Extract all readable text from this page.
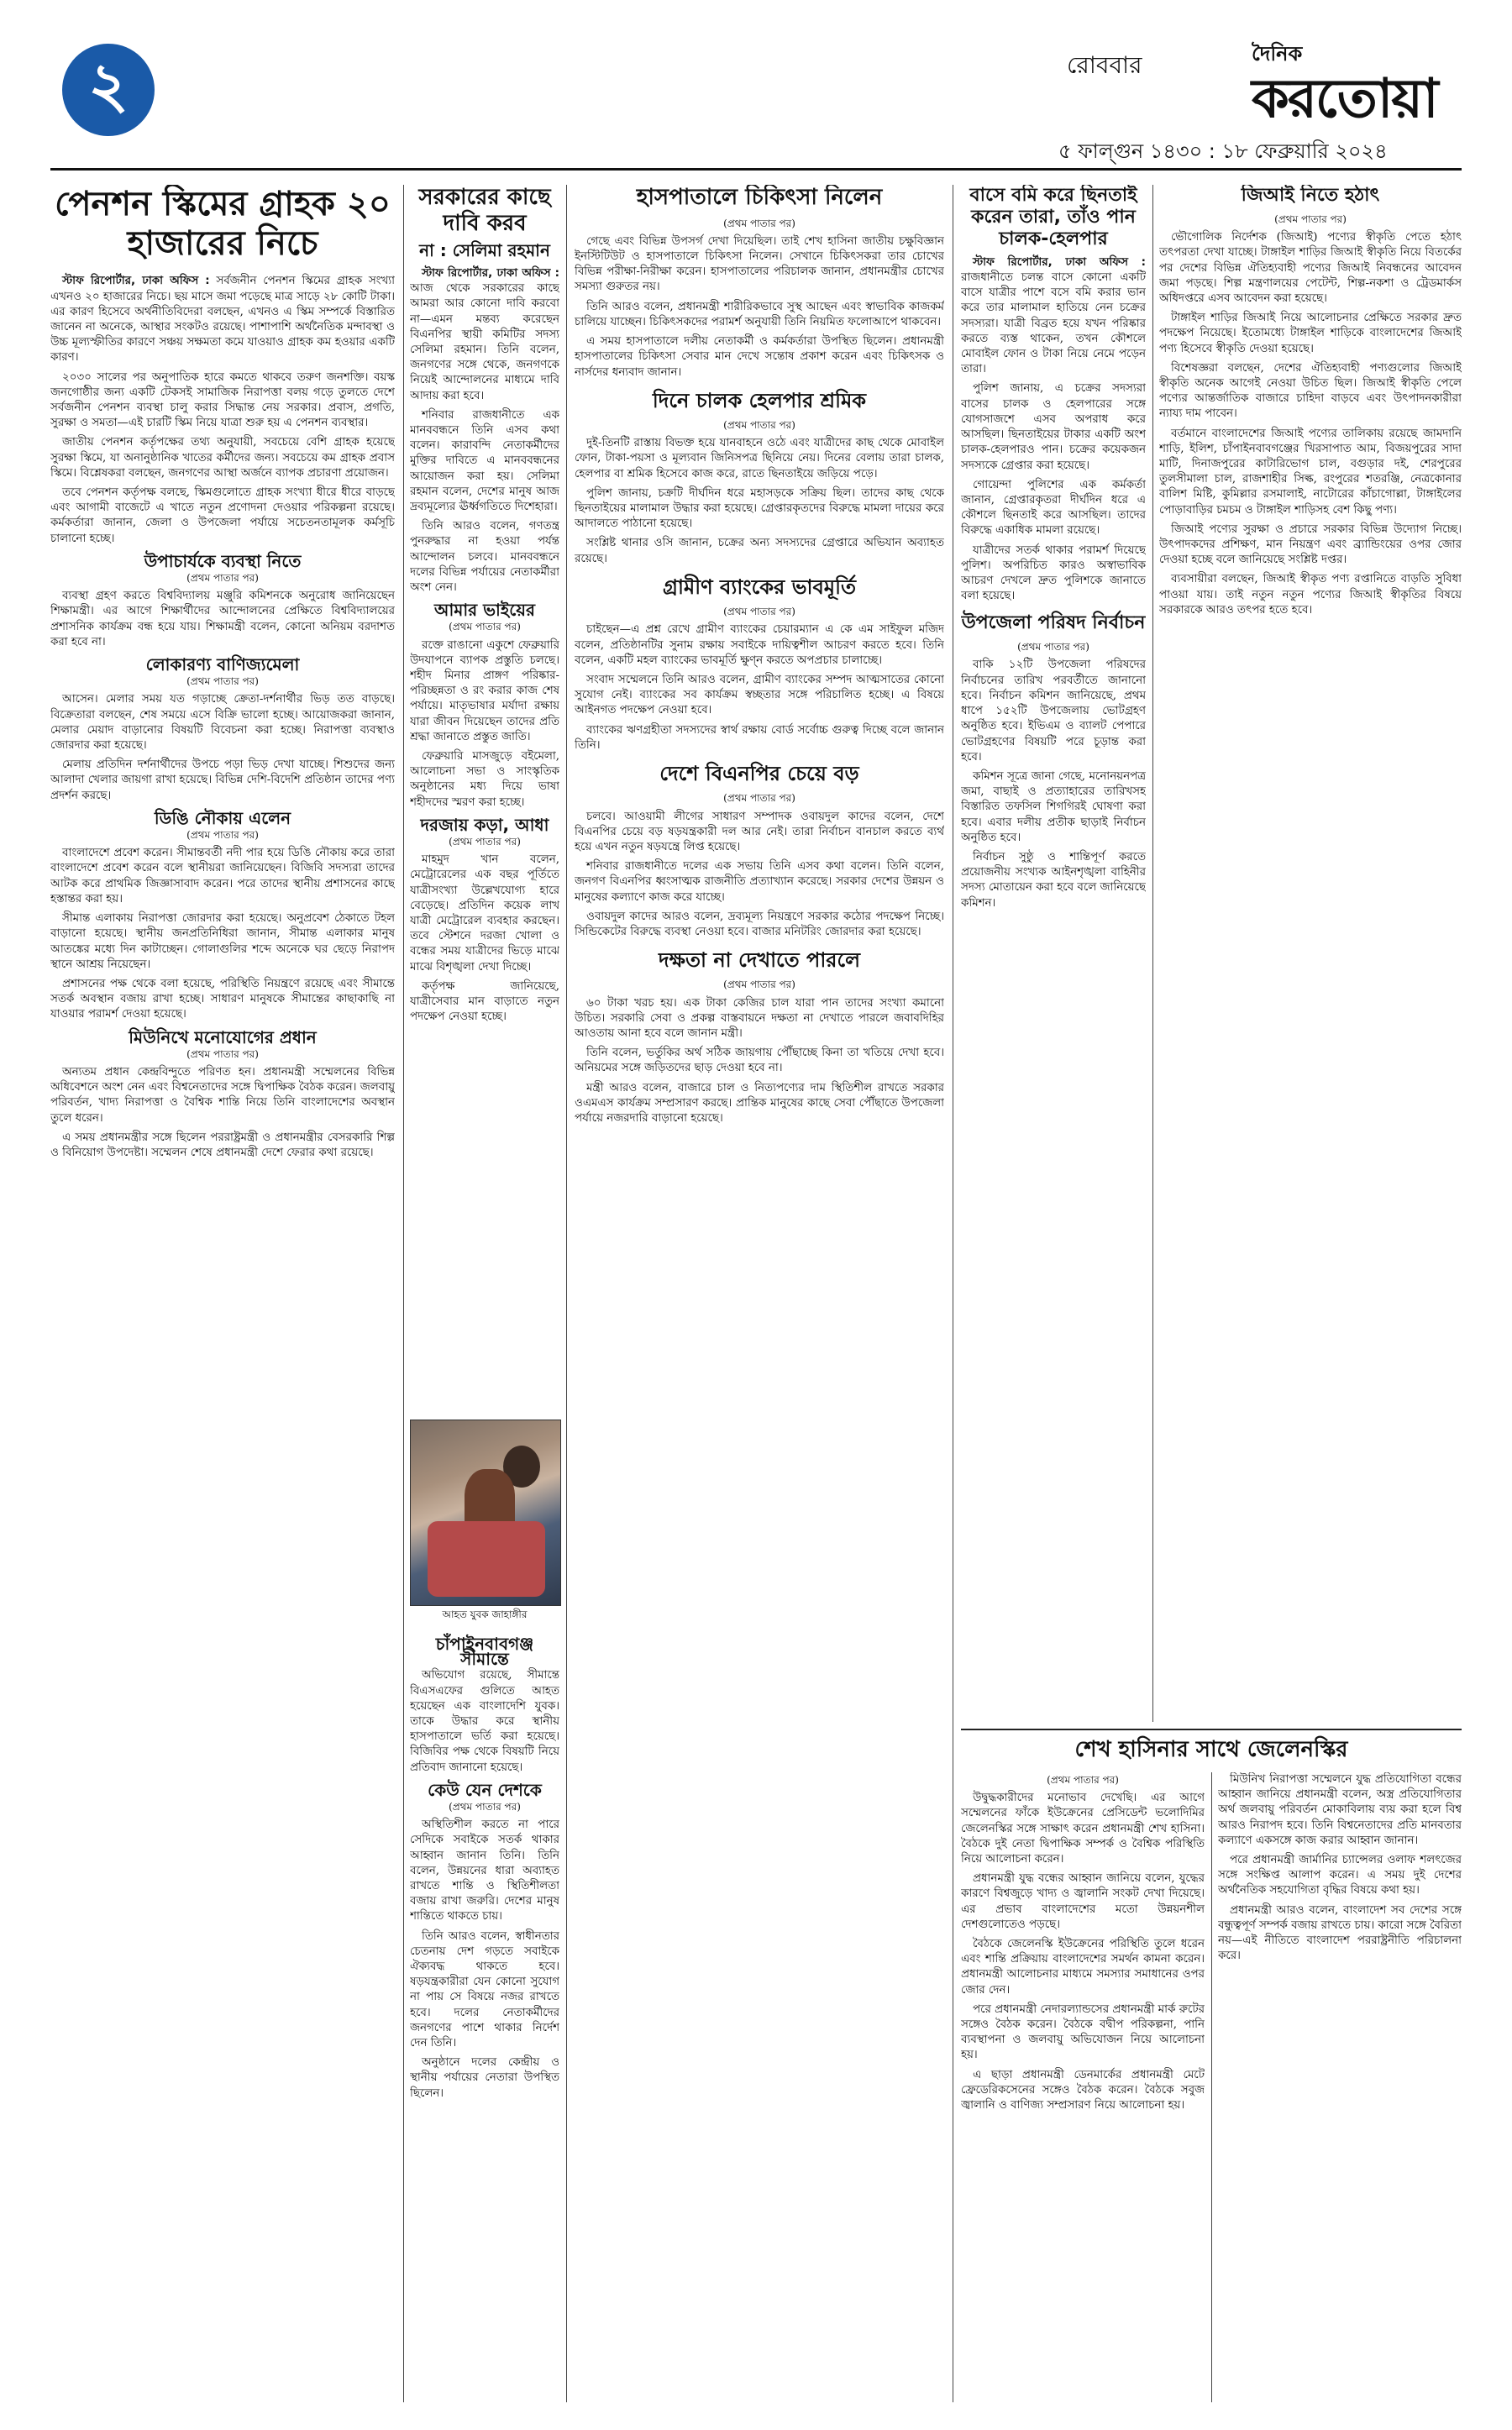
২	রোববার	দৈনিক
করতোয়া
৫ ফাল্গুন ১৪৩০ : ১৮ ফেব্রুয়ারি ২০২৪
পেনশন স্কিমের গ্রাহক ২০ হাজারের নিচে

স্টাফ রিপোর্টার, ঢাকা অফিস : সর্বজনীন পেনশন স্কিমের গ্রাহক সংখ্যা এখনও ২০ হাজারের নিচে। ছয় মাসে জমা পড়েছে মাত্র সাড়ে ২৮ কোটি টাকা। এর কারণ হিসেবে অর্থনীতিবিদেরা বলছেন, এখনও এ স্কিম সম্পর্কে বিস্তারিত জানেন না অনেকে, আস্থার সংকটও রয়েছে। পাশাপাশি অর্থনৈতিক মন্দাবস্থা ও উচ্চ মূল্যস্ফীতির কারণে সঞ্চয় সক্ষমতা কমে যাওয়াও গ্রাহক কম হওয়ার একটি কারণ।

২০৩০ সালের পর অনুপাতিক হারে কমতে থাকবে তরুণ জনশক্তি। বয়স্ক জনগোষ্ঠীর জন্য একটি টেকসই সামাজিক নিরাপত্তা বলয় গড়ে তুলতে দেশে সর্বজনীন পেনশন ব্যবস্থা চালু করার সিদ্ধান্ত নেয় সরকার। প্রবাস, প্রগতি, সুরক্ষা ও সমতা—এই চারটি স্কিম নিয়ে যাত্রা শুরু হয় এ পেনশন ব্যবস্থার।

জাতীয় পেনশন কর্তৃপক্ষের তথ্য অনুযায়ী, সবচেয়ে বেশি গ্রাহক হয়েছে সুরক্ষা স্কিমে, যা অনানুষ্ঠানিক খাতের কর্মীদের জন্য। সবচেয়ে কম গ্রাহক প্রবাস স্কিমে। বিশ্লেষকরা বলছেন, জনগণের আস্থা অর্জনে ব্যাপক প্রচারণা প্রয়োজন।

তবে পেনশন কর্তৃপক্ষ বলছে, স্কিমগুলোতে গ্রাহক সংখ্যা ধীরে ধীরে বাড়ছে এবং আগামী বাজেটে এ খাতে নতুন প্রণোদনা দেওয়ার পরিকল্পনা রয়েছে। কর্মকর্তারা জানান, জেলা ও উপজেলা পর্যায়ে সচেতনতামূলক কর্মসূচি চালানো হচ্ছে।

উপাচার্যকে ব্যবস্থা নিতে
(প্রথম পাতার পর)

ব্যবস্থা গ্রহণ করতে বিশ্ববিদ্যালয় মঞ্জুরি কমিশনকে অনুরোধ জানিয়েছেন শিক্ষামন্ত্রী। এর আগে শিক্ষার্থীদের আন্দোলনের প্রেক্ষিতে বিশ্ববিদ্যালয়ের প্রশাসনিক কার্যক্রম বন্ধ হয়ে যায়। শিক্ষামন্ত্রী বলেন, কোনো অনিয়ম বরদাশত করা হবে না।

লোকারণ্য বাণিজ্যমেলা
(প্রথম পাতার পর)

আসেন। মেলার সময় যত গড়াচ্ছে ক্রেতা-দর্শনার্থীর ভিড় তত বাড়ছে। বিক্রেতারা বলছেন, শেষ সময়ে এসে বিক্রি ভালো হচ্ছে। আয়োজকরা জানান, মেলার মেয়াদ বাড়ানোর বিষয়টি বিবেচনা করা হচ্ছে। নিরাপত্তা ব্যবস্থাও জোরদার করা হয়েছে।

মেলায় প্রতিদিন দর্শনার্থীদের উপচে পড়া ভিড় দেখা যাচ্ছে। শিশুদের জন্য আলাদা খেলার জায়গা রাখা হয়েছে। বিভিন্ন দেশি-বিদেশি প্রতিষ্ঠান তাদের পণ্য প্রদর্শন করছে।

ডিঙি নৌকায় এলেন
(প্রথম পাতার পর)

বাংলাদেশে প্রবেশ করেন। সীমান্তবর্তী নদী পার হয়ে ডিঙি নৌকায় করে তারা বাংলাদেশে প্রবেশ করেন বলে স্থানীয়রা জানিয়েছেন। বিজিবি সদস্যরা তাদের আটক করে প্রাথমিক জিজ্ঞাসাবাদ করেন। পরে তাদের স্থানীয় প্রশাসনের কাছে হস্তান্তর করা হয়।

সীমান্ত এলাকায় নিরাপত্তা জোরদার করা হয়েছে। অনুপ্রবেশ ঠেকাতে টহল বাড়ানো হয়েছে। স্থানীয় জনপ্রতিনিধিরা জানান, সীমান্ত এলাকার মানুষ আতঙ্কের মধ্যে দিন কাটাচ্ছেন। গোলাগুলির শব্দে অনেকে ঘর ছেড়ে নিরাপদ স্থানে আশ্রয় নিয়েছেন।

প্রশাসনের পক্ষ থেকে বলা হয়েছে, পরিস্থিতি নিয়ন্ত্রণে রয়েছে এবং সীমান্তে সতর্ক অবস্থান বজায় রাখা হচ্ছে। সাধারণ মানুষকে সীমান্তের কাছাকাছি না যাওয়ার পরামর্শ দেওয়া হয়েছে।

মিউনিখে মনোযোগের প্রধান
(প্রথম পাতার পর)

অন্যতম প্রধান কেন্দ্রবিন্দুতে পরিণত হন। প্রধানমন্ত্রী সম্মেলনের বিভিন্ন অধিবেশনে অংশ নেন এবং বিশ্বনেতাদের সঙ্গে দ্বিপাক্ষিক বৈঠক করেন। জলবায়ু পরিবর্তন, খাদ্য নিরাপত্তা ও বৈশ্বিক শান্তি নিয়ে তিনি বাংলাদেশের অবস্থান তুলে ধরেন।

এ সময় প্রধানমন্ত্রীর সঙ্গে ছিলেন পররাষ্ট্রমন্ত্রী ও প্রধানমন্ত্রীর বেসরকারি শিল্প ও বিনিয়োগ উপদেষ্টা। সম্মেলন শেষে প্রধানমন্ত্রী দেশে ফেরার কথা রয়েছে।

সরকারের কাছে দাবি করব
না : সেলিমা রহমান

স্টাফ রিপোর্টার, ঢাকা অফিস : আজ থেকে সরকারের কাছে আমরা আর কোনো দাবি করবো না—এমন মন্তব্য করেছেন বিএনপির স্থায়ী কমিটির সদস্য সেলিমা রহমান। তিনি বলেন, জনগণের সঙ্গে থেকে, জনগণকে নিয়েই আন্দোলনের মাধ্যমে দাবি আদায় করা হবে।

শনিবার রাজধানীতে এক মানববন্ধনে তিনি এসব কথা বলেন। কারাবন্দি নেতাকর্মীদের মুক্তির দাবিতে এ মানববন্ধনের আয়োজন করা হয়। সেলিমা রহমান বলেন, দেশের মানুষ আজ দ্রব্যমূল্যের ঊর্ধ্বগতিতে দিশেহারা।

তিনি আরও বলেন, গণতন্ত্র পুনরুদ্ধার না হওয়া পর্যন্ত আন্দোলন চলবে। মানববন্ধনে দলের বিভিন্ন পর্যায়ের নেতাকর্মীরা অংশ নেন।

আমার ভাইয়ের
(প্রথম পাতার পর)

রক্তে রাঙানো একুশে ফেব্রুয়ারি উদযাপনে ব্যাপক প্রস্তুতি চলছে। শহীদ মিনার প্রাঙ্গণ পরিষ্কার-পরিচ্ছন্নতা ও রং করার কাজ শেষ পর্যায়ে। মাতৃভাষার মর্যাদা রক্ষায় যারা জীবন দিয়েছেন তাদের প্রতি শ্রদ্ধা জানাতে প্রস্তুত জাতি।

ফেব্রুয়ারি মাসজুড়ে বইমেলা, আলোচনা সভা ও সাংস্কৃতিক অনুষ্ঠানের মধ্য দিয়ে ভাষা শহীদদের স্মরণ করা হচ্ছে।

দরজায় কড়া, আধা
(প্রথম পাতার পর)

মাহমুদ খান বলেন, মেট্রোরেলের এক বছর পূর্তিতে যাত্রীসংখ্যা উল্লেখযোগ্য হারে বেড়েছে। প্রতিদিন কয়েক লাখ যাত্রী মেট্রোরেল ব্যবহার করছেন। তবে স্টেশনে দরজা খোলা ও বন্ধের সময় যাত্রীদের ভিড়ে মাঝে মাঝে বিশৃঙ্খলা দেখা দিচ্ছে।

কর্তৃপক্ষ জানিয়েছে, যাত্রীসেবার মান বাড়াতে নতুন পদক্ষেপ নেওয়া হচ্ছে।

আহত যুবক জাহাঙ্গীর
চাঁপাইনবাবগঞ্জ সীমান্তে

অভিযোগ রয়েছে, সীমান্তে বিএসএফের গুলিতে আহত হয়েছেন এক বাংলাদেশি যুবক। তাকে উদ্ধার করে স্থানীয় হাসপাতালে ভর্তি করা হয়েছে। বিজিবির পক্ষ থেকে বিষয়টি নিয়ে প্রতিবাদ জানানো হয়েছে।

কেউ যেন দেশকে
(প্রথম পাতার পর)

অস্থিতিশীল করতে না পারে সেদিকে সবাইকে সতর্ক থাকার আহ্বান জানান তিনি। তিনি বলেন, উন্নয়নের ধারা অব্যাহত রাখতে শান্তি ও স্থিতিশীলতা বজায় রাখা জরুরি। দেশের মানুষ শান্তিতে থাকতে চায়।

তিনি আরও বলেন, স্বাধীনতার চেতনায় দেশ গড়তে সবাইকে ঐক্যবদ্ধ থাকতে হবে। ষড়যন্ত্রকারীরা যেন কোনো সুযোগ না পায় সে বিষয়ে নজর রাখতে হবে। দলের নেতাকর্মীদের জনগণের পাশে থাকার নির্দেশ দেন তিনি।

অনুষ্ঠানে দলের কেন্দ্রীয় ও স্থানীয় পর্যায়ের নেতারা উপস্থিত ছিলেন।

হাসপাতালে চিকিৎসা নিলেন
(প্রথম পাতার পর)

গেছে এবং বিভিন্ন উপসর্গ দেখা দিয়েছিল। তাই শেখ হাসিনা জাতীয় চক্ষুবিজ্ঞান ইনস্টিটিউট ও হাসপাতালে চিকিৎসা নিলেন। সেখানে চিকিৎসকরা তার চোখের বিভিন্ন পরীক্ষা-নিরীক্ষা করেন। হাসপাতালের পরিচালক জানান, প্রধানমন্ত্রীর চোখের সমস্যা গুরুতর নয়।

তিনি আরও বলেন, প্রধানমন্ত্রী শারীরিকভাবে সুস্থ আছেন এবং স্বাভাবিক কাজকর্ম চালিয়ে যাচ্ছেন। চিকিৎসকদের পরামর্শ অনুযায়ী তিনি নিয়মিত ফলোআপে থাকবেন।

এ সময় হাসপাতালে দলীয় নেতাকর্মী ও কর্মকর্তারা উপস্থিত ছিলেন। প্রধানমন্ত্রী হাসপাতালের চিকিৎসা সেবার মান দেখে সন্তোষ প্রকাশ করেন এবং চিকিৎসক ও নার্সদের ধন্যবাদ জানান।

দিনে চালক হেলপার শ্রমিক
(প্রথম পাতার পর)

দুই-তিনটি রাস্তায় বিভক্ত হয়ে যানবাহনে ওঠে এবং যাত্রীদের কাছ থেকে মোবাইল ফোন, টাকা-পয়সা ও মূল্যবান জিনিসপত্র ছিনিয়ে নেয়। দিনের বেলায় তারা চালক, হেলপার বা শ্রমিক হিসেবে কাজ করে, রাতে ছিনতাইয়ে জড়িয়ে পড়ে।

পুলিশ জানায়, চক্রটি দীর্ঘদিন ধরে মহাসড়কে সক্রিয় ছিল। তাদের কাছ থেকে ছিনতাইয়ের মালামাল উদ্ধার করা হয়েছে। গ্রেপ্তারকৃতদের বিরুদ্ধে মামলা দায়ের করে আদালতে পাঠানো হয়েছে।

সংশ্লিষ্ট থানার ওসি জানান, চক্রের অন্য সদস্যদের গ্রেপ্তারে অভিযান অব্যাহত রয়েছে।

গ্রামীণ ব্যাংকের ভাবমূর্তি
(প্রথম পাতার পর)

চাইছেন—এ প্রশ্ন রেখে গ্রামীণ ব্যাংকের চেয়ারম্যান এ কে এম সাইফুল মজিদ বলেন, প্রতিষ্ঠানটির সুনাম রক্ষায় সবাইকে দায়িত্বশীল আচরণ করতে হবে। তিনি বলেন, একটি মহল ব্যাংকের ভাবমূর্তি ক্ষুণ্ন করতে অপপ্রচার চালাচ্ছে।

সংবাদ সম্মেলনে তিনি আরও বলেন, গ্রামীণ ব্যাংকের সম্পদ আত্মসাতের কোনো সুযোগ নেই। ব্যাংকের সব কার্যক্রম স্বচ্ছতার সঙ্গে পরিচালিত হচ্ছে। এ বিষয়ে আইনগত পদক্ষেপ নেওয়া হবে।

ব্যাংকের ঋণগ্রহীতা সদস্যদের স্বার্থ রক্ষায় বোর্ড সর্বোচ্চ গুরুত্ব দিচ্ছে বলে জানান তিনি।

দেশে বিএনপির চেয়ে বড়
(প্রথম পাতার পর)

চলবে। আওয়ামী লীগের সাধারণ সম্পাদক ওবায়দুল কাদের বলেন, দেশে বিএনপির চেয়ে বড় ষড়যন্ত্রকারী দল আর নেই। তারা নির্বাচন বানচাল করতে ব্যর্থ হয়ে এখন নতুন ষড়যন্ত্রে লিপ্ত হয়েছে।

শনিবার রাজধানীতে দলের এক সভায় তিনি এসব কথা বলেন। তিনি বলেন, জনগণ বিএনপির ধ্বংসাত্মক রাজনীতি প্রত্যাখ্যান করেছে। সরকার দেশের উন্নয়ন ও মানুষের কল্যাণে কাজ করে যাচ্ছে।

ওবায়দুল কাদের আরও বলেন, দ্রব্যমূল্য নিয়ন্ত্রণে সরকার কঠোর পদক্ষেপ নিচ্ছে। সিন্ডিকেটের বিরুদ্ধে ব্যবস্থা নেওয়া হবে। বাজার মনিটরিং জোরদার করা হয়েছে।

দক্ষতা না দেখাতে পারলে
(প্রথম পাতার পর)

৬০ টাকা খরচ হয়। এক টাকা কেজির চাল যারা পান তাদের সংখ্যা কমানো উচিত। সরকারি সেবা ও প্রকল্প বাস্তবায়নে দক্ষতা না দেখাতে পারলে জবাবদিহির আওতায় আনা হবে বলে জানান মন্ত্রী।

তিনি বলেন, ভর্তুকির অর্থ সঠিক জায়গায় পৌঁছাচ্ছে কিনা তা খতিয়ে দেখা হবে। অনিয়মের সঙ্গে জড়িতদের ছাড় দেওয়া হবে না।

মন্ত্রী আরও বলেন, বাজারে চাল ও নিত্যপণ্যের দাম স্থিতিশীল রাখতে সরকার ওএমএস কার্যক্রম সম্প্রসারণ করছে। প্রান্তিক মানুষের কাছে সেবা পৌঁছাতে উপজেলা পর্যায়ে নজরদারি বাড়ানো হয়েছে।

বাসে বমি করে ছিনতাই করেন তারা, তাঁও পান চালক-হেলপার

স্টাফ রিপোর্টার, ঢাকা অফিস : রাজধানীতে চলন্ত বাসে কোনো একটি বাসে যাত্রীর পাশে বসে বমি করার ভান করে তার মালামাল হাতিয়ে নেন চক্রের সদস্যরা। যাত্রী বিব্রত হয়ে যখন পরিষ্কার করতে ব্যস্ত থাকেন, তখন কৌশলে মোবাইল ফোন ও টাকা নিয়ে নেমে পড়েন তারা।

পুলিশ জানায়, এ চক্রের সদস্যরা বাসের চালক ও হেলপারের সঙ্গে যোগসাজশে এসব অপরাধ করে আসছিল। ছিনতাইয়ের টাকার একটি অংশ চালক-হেলপারও পান। চক্রের কয়েকজন সদস্যকে গ্রেপ্তার করা হয়েছে।

গোয়েন্দা পুলিশের এক কর্মকর্তা জানান, গ্রেপ্তারকৃতরা দীর্ঘদিন ধরে এ কৌশলে ছিনতাই করে আসছিল। তাদের বিরুদ্ধে একাধিক মামলা রয়েছে।

যাত্রীদের সতর্ক থাকার পরামর্শ দিয়েছে পুলিশ। অপরিচিত কারও অস্বাভাবিক আচরণ দেখলে দ্রুত পুলিশকে জানাতে বলা হয়েছে।

উপজেলা পরিষদ নির্বাচন
(প্রথম পাতার পর)

বাকি ১২টি উপজেলা পরিষদের নির্বাচনের তারিখ পরবর্তীতে জানানো হবে। নির্বাচন কমিশন জানিয়েছে, প্রথম ধাপে ১৫২টি উপজেলায় ভোটগ্রহণ অনুষ্ঠিত হবে। ইভিএম ও ব্যালট পেপারে ভোটগ্রহণের বিষয়টি পরে চূড়ান্ত করা হবে।

কমিশন সূত্রে জানা গেছে, মনোনয়নপত্র জমা, বাছাই ও প্রত্যাহারের তারিখসহ বিস্তারিত তফসিল শিগগিরই ঘোষণা করা হবে। এবার দলীয় প্রতীক ছাড়াই নির্বাচন অনুষ্ঠিত হবে।

নির্বাচন সুষ্ঠু ও শান্তিপূর্ণ করতে প্রয়োজনীয় সংখ্যক আইনশৃঙ্খলা বাহিনীর সদস্য মোতায়েন করা হবে বলে জানিয়েছে কমিশন।

জিআই নিতে হঠাৎ
(প্রথম পাতার পর)

ভৌগোলিক নির্দেশক (জিআই) পণ্যের স্বীকৃতি পেতে হঠাৎ তৎপরতা দেখা যাচ্ছে। টাঙ্গাইল শাড়ির জিআই স্বীকৃতি নিয়ে বিতর্কের পর দেশের বিভিন্ন ঐতিহ্যবাহী পণ্যের জিআই নিবন্ধনের আবেদন জমা পড়ছে। শিল্প মন্ত্রণালয়ের পেটেন্ট, শিল্প-নকশা ও ট্রেডমার্কস অধিদপ্তরে এসব আবেদন করা হয়েছে।

টাঙ্গাইল শাড়ির জিআই নিয়ে আলোচনার প্রেক্ষিতে সরকার দ্রুত পদক্ষেপ নিয়েছে। ইতোমধ্যে টাঙ্গাইল শাড়িকে বাংলাদেশের জিআই পণ্য হিসেবে স্বীকৃতি দেওয়া হয়েছে।

বিশেষজ্ঞরা বলছেন, দেশের ঐতিহ্যবাহী পণ্যগুলোর জিআই স্বীকৃতি অনেক আগেই নেওয়া উচিত ছিল। জিআই স্বীকৃতি পেলে পণ্যের আন্তর্জাতিক বাজারে চাহিদা বাড়বে এবং উৎপাদনকারীরা ন্যায্য দাম পাবেন।

বর্তমানে বাংলাদেশের জিআই পণ্যের তালিকায় রয়েছে জামদানি শাড়ি, ইলিশ, চাঁপাইনবাবগঞ্জের খিরসাপাত আম, বিজয়পুরের সাদা মাটি, দিনাজপুরের কাটারিভোগ চাল, বগুড়ার দই, শেরপুরের তুলসীমালা চাল, রাজশাহীর সিল্ক, রংপুরের শতরঞ্জি, নেত্রকোনার বালিশ মিষ্টি, কুমিল্লার রসমালাই, নাটোরের কাঁচাগোল্লা, টাঙ্গাইলের পোড়াবাড়ির চমচম ও টাঙ্গাইল শাড়িসহ বেশ কিছু পণ্য।

জিআই পণ্যের সুরক্ষা ও প্রচারে সরকার বিভিন্ন উদ্যোগ নিচ্ছে। উৎপাদকদের প্রশিক্ষণ, মান নিয়ন্ত্রণ এবং ব্র্যান্ডিংয়ের ওপর জোর দেওয়া হচ্ছে বলে জানিয়েছে সংশ্লিষ্ট দপ্তর।

ব্যবসায়ীরা বলছেন, জিআই স্বীকৃত পণ্য রপ্তানিতে বাড়তি সুবিধা পাওয়া যায়। তাই নতুন নতুন পণ্যের জিআই স্বীকৃতির বিষয়ে সরকারকে আরও তৎপর হতে হবে।

শেখ হাসিনার সাথে জেলেনস্কির
(প্রথম পাতার পর)

উদ্বুদ্ধকারীদের মনোভাব দেখেছি। এর আগে সম্মেলনের ফাঁকে ইউক্রেনের প্রেসিডেন্ট ভলোদিমির জেলেনস্কির সঙ্গে সাক্ষাৎ করেন প্রধানমন্ত্রী শেখ হাসিনা। বৈঠকে দুই নেতা দ্বিপাক্ষিক সম্পর্ক ও বৈশ্বিক পরিস্থিতি নিয়ে আলোচনা করেন।

প্রধানমন্ত্রী যুদ্ধ বন্ধের আহ্বান জানিয়ে বলেন, যুদ্ধের কারণে বিশ্বজুড়ে খাদ্য ও জ্বালানি সংকট দেখা দিয়েছে। এর প্রভাব বাংলাদেশের মতো উন্নয়নশীল দেশগুলোতেও পড়ছে।

বৈঠকে জেলেনস্কি ইউক্রেনের পরিস্থিতি তুলে ধরেন এবং শান্তি প্রক্রিয়ায় বাংলাদেশের সমর্থন কামনা করেন। প্রধানমন্ত্রী আলোচনার মাধ্যমে সমস্যার সমাধানের ওপর জোর দেন।

পরে প্রধানমন্ত্রী নেদারল্যান্ডসের প্রধানমন্ত্রী মার্ক রুটের সঙ্গেও বৈঠক করেন। বৈঠকে বদ্বীপ পরিকল্পনা, পানি ব্যবস্থাপনা ও জলবায়ু অভিযোজন নিয়ে আলোচনা হয়।

এ ছাড়া প্রধানমন্ত্রী ডেনমার্কের প্রধানমন্ত্রী মেটে ফ্রেডেরিকসেনের সঙ্গেও বৈঠক করেন। বৈঠকে সবুজ জ্বালানি ও বাণিজ্য সম্প্রসারণ নিয়ে আলোচনা হয়।

মিউনিখ নিরাপত্তা সম্মেলনে যুদ্ধ প্রতিযোগিতা বন্ধের আহ্বান জানিয়ে প্রধানমন্ত্রী বলেন, অস্ত্র প্রতিযোগিতার অর্থ জলবায়ু পরিবর্তন মোকাবিলায় ব্যয় করা হলে বিশ্ব আরও নিরাপদ হবে। তিনি বিশ্বনেতাদের প্রতি মানবতার কল্যাণে একসঙ্গে কাজ করার আহ্বান জানান।

পরে প্রধানমন্ত্রী জার্মানির চ্যান্সেলর ওলাফ শলৎজের সঙ্গে সংক্ষিপ্ত আলাপ করেন। এ সময় দুই দেশের অর্থনৈতিক সহযোগিতা বৃদ্ধির বিষয়ে কথা হয়।

প্রধানমন্ত্রী আরও বলেন, বাংলাদেশ সব দেশের সঙ্গে বন্ধুত্বপূর্ণ সম্পর্ক বজায় রাখতে চায়। কারো সঙ্গে বৈরিতা নয়—এই নীতিতে বাংলাদেশ পররাষ্ট্রনীতি পরিচালনা করে।
